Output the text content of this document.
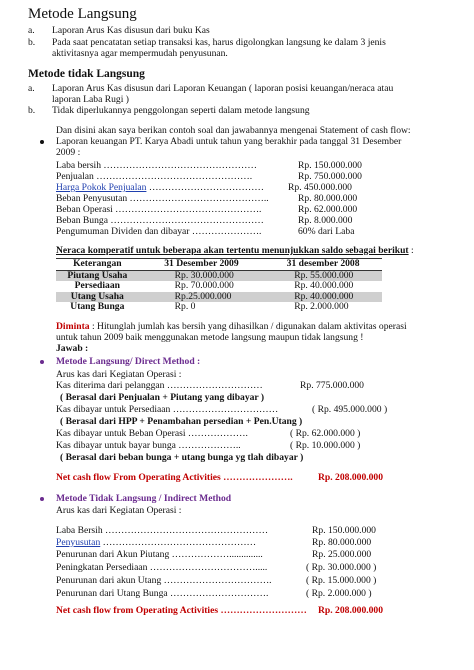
Metode Langsung
a. Laporan Arus Kas disusun dari buku Kas
b. Pada saat pencatatan setiap transaksi kas, harus digolongkan langsung ke dalam 3 jenis
aktivitasnya agar mempermudah penyusunan.
Metode tidak Langsung
a. Laporan Arus Kas disusun dari Laporan Keuangan ( laporan posisi keuangan/neraca atau
laporan Laba Rugi )
b. Tidak diperlukannya penggolongan seperti dalam metode langsung
Dan disini akan saya berikan contoh soal dan jawabannya mengenai Statement of cash flow:
Laporan keuangan PT. Karya Abadi untuk tahun yang berakhir pada tanggal 31 Desember
2009 :
Laba bersih …………………………………………	Rp. 150.000.000
Penjualan ………………………………………….	Rp. 750.000.000
Harga Pokok Penjualan ………………………………	Rp. 450.000.000
Beban Penyusutan ……………………………………..	Rp. 80.000.000
Beban Operasi ……………………………………….	Rp. 62.000.000
Beban Bunga …………………………………………	Rp. 8.000.000
Pengumuman Dividen dan dibayar ………………….	60% dari Laba
Neraca komperatif untuk beberapa akan tertentu menunjukkan saldo sebagai berikut :
Keterangan	31 Desember 2009	31 desember 2008
Piutang Usaha	Rp. 30.000.000	Rp. 55.000.000
Persediaan	Rp. 70.000.000	Rp. 40.000.000
Utang Usaha	Rp.25.000.000	Rp. 40.000.000
Utang Bunga	Rp. 0	Rp. 2.000.000
Diminta : Hitunglah jumlah kas bersih yang dihasilkan / digunakan dalam aktivitas operasi
untuk tahun 2009 baik menggunakan metode langsung maupun tidak langsung !
Jawab :
Metode Langsung/ Direct Method :
Arus kas dari Kegiatan Operasi :
Kas diterima dari pelanggan …………………………	Rp. 775.000.000
( Berasal dari Penjualan + Piutang yang dibayar )
Kas dibayar untuk Persediaan ……………………………	( Rp. 495.000.000 )
( Berasal dari HPP + Penambahan persedian + Pen.Utang )
Kas dibayar untuk Beban Operasi ……………….	( Rp. 62.000.000 )
Kas dibayar untuk bayar bunga ………………..	( Rp. 10.000.000 )
( Berasal dari beban bunga + utang bunga yg tlah dibayar )
Net cash flow From Operating Activities ………………….	Rp. 208.000.000
Metode Tidak Langsung / Indirect Method
Arus kas dari Kegiatan Operasi :
Laba Bersih ……………………………………………	Rp. 150.000.000
Penyusutan …………………………………………	Rp. 80.000.000
Penurunan dari Akun Piutang ………………..............	Rp. 25.000.000
Peningkatan Persediaan …………………………….....	( Rp. 30.000.000 )
Penurunan dari akun Utang …………………………….	( Rp. 15.000.000 )
Penurunan dari Utang Bunga ………………………….	( Rp. 2.000.000 )
Net cash flow from Operating Activities ……………………… Rp. 208.000.000
